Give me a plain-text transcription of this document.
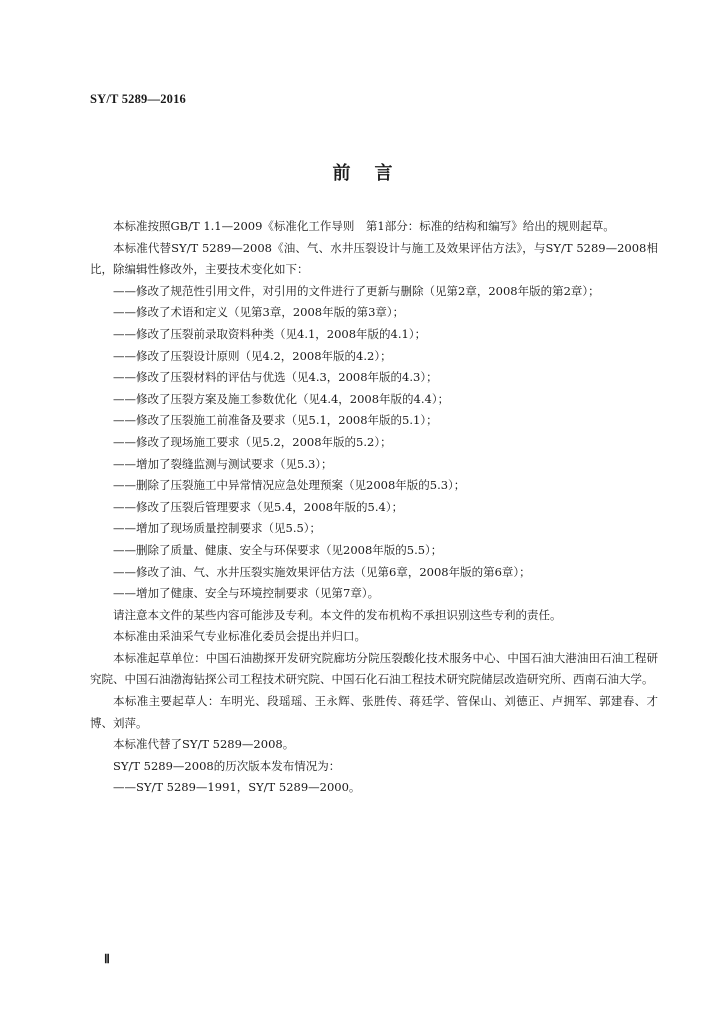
SY/T 5289—2016
前言

本标准按照GB/T 1.1—2009《标准化工作导则　第1部分：标准的结构和编写》给出的规则起草。

本标准代替SY/T 5289—2008《油、气、水井压裂设计与施工及效果评估方法》，与SY/T 5289—2008相比，除编辑性修改外，主要技术变化如下：

——修改了规范性引用文件，对引用的文件进行了更新与删除（见第2章，2008年版的第2章）；

——修改了术语和定义（见第3章，2008年版的第3章）；

——修改了压裂前录取资料种类（见4.1，2008年版的4.1）；

——修改了压裂设计原则（见4.2，2008年版的4.2）；

——修改了压裂材料的评估与优选（见4.3，2008年版的4.3）；

——修改了压裂方案及施工参数优化（见4.4，2008年版的4.4）；

——修改了压裂施工前准备及要求（见5.1，2008年版的5.1）；

——修改了现场施工要求（见5.2，2008年版的5.2）；

——增加了裂缝监测与测试要求（见5.3）；

——删除了压裂施工中异常情况应急处理预案（见2008年版的5.3）；

——修改了压裂后管理要求（见5.4，2008年版的5.4）；

——增加了现场质量控制要求（见5.5）；

——删除了质量、健康、安全与环保要求（见2008年版的5.5）；

——修改了油、气、水井压裂实施效果评估方法（见第6章，2008年版的第6章）；

——增加了健康、安全与环境控制要求（见第7章）。

请注意本文件的某些内容可能涉及专利。本文件的发布机构不承担识别这些专利的责任。

本标准由采油采气专业标准化委员会提出并归口。

本标准起草单位：中国石油勘探开发研究院廊坊分院压裂酸化技术服务中心、中国石油大港油田石油工程研究院、中国石油渤海钻探公司工程技术研究院、中国石化石油工程技术研究院储层改造研究所、西南石油大学。

本标准主要起草人：车明光、段瑶瑶、王永辉、张胜传、蒋廷学、管保山、刘德正、卢拥军、郭建春、才博、刘萍。

本标准代替了SY/T 5289—2008。

SY/T 5289—2008的历次版本发布情况为：

——SY/T 5289—1991，SY/T 5289—2000。

Ⅱ
